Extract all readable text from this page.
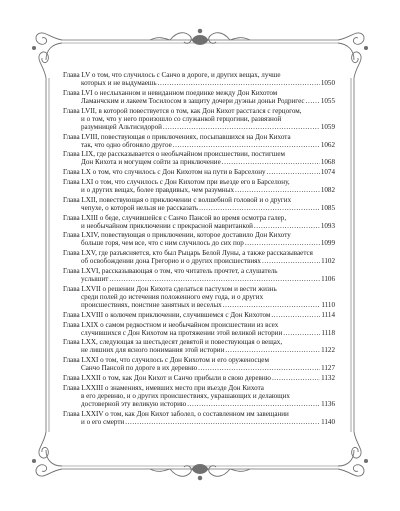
Глава LV о том, что случилось с Санчо в дороге, и других вещах, лучше
которых и не выдумаешь .....	1050
Глава LVI о неслыханном и невиданном поединке между Дон Кихотом
Ламанчским и лакеем Тосилосом в защиту дочери дуэньи доньи Родригес ..... 1055
Глава LVII, в которой повествуется о том, как Дон Кихот расстался с герцогом,
и о том, что у него произошло со служанкой герцогини, развязной
разумницей Альтисидорой .....	1059
Глава LVIII, повествующая о приключениях, посыпавшихся на Дон Кихота
так, что одно обгоняло другое .....	1062
Глава LIX, где рассказывается о необычайном происшествии, постигшем
Дон Кихота и могущем сойти за приключение .....	1068
Глава LX о том, что случилось с Дон Кихотом на пути в Барселону .....	1074
Глава LXI о том, что случилось с Дон Кихотом при въезде его в Барселону,
и о других вещах, более правдивых, чем разумных .....	1082
Глава LXII, повествующая о приключении с волшебной головой и о других
чепухе, о которой нельзя не рассказать .....	1085
Глава LXIII о беде, случившейся с Санчо Пансой во время осмотра галер,
и необычайном приключении с прекрасной мавританкой .....	1093
Глава LXIV, повествующая о приключении, которое доставило Дон Кихоту
больше горя, чем все, что с ним случилось до сих пор .....	1099
Глава LXV, где разъясняется, кто был Рыцарь Белой Луны, а также рассказывается
об освобождении дона Грегорио и о других происшествиях .....	1102
Глава LXVI, рассказывающая о том, что читатель прочтет, а слушатель
услышит .....	1106
Глава LXVII о решении Дон Кихота сделаться пастухом и вести жизнь
среди полей до истечения положенного ему года, и о других
происшествиях, поистине занятных и веселых .....	1110
Глава LXVIII о колючем приключении, случившемся с Дон Кихотом .....	1114
Глава LXIX о самом редкостном и необычайном происшествии из всех
случившихся с Дон Кихотом на протяжении этой великой истории .....	1118
Глава LXX, следующая за шестьдесят девятой и повествующая о вещах,
не лишних для ясного понимания этой истории .....	1122
Глава LXXI о том, что случилось с Дон Кихотом и его оруженосцем
Санчо Пансой по дороге в их деревню .....	1127
Глава LXXII о том, как Дон Кихот и Санчо прибыли в свою деревню .....	1132
Глава LXXIII о знамениях, имевших место при въезде Дон Кихота
в его деревню, и о других происшествиях, украшающих и делающих
достоверной эту великую историю .....	1136
Глава LXXIV о том, как Дон Кихот заболел, о составленном им завещании
и о его смерти .....	1140
